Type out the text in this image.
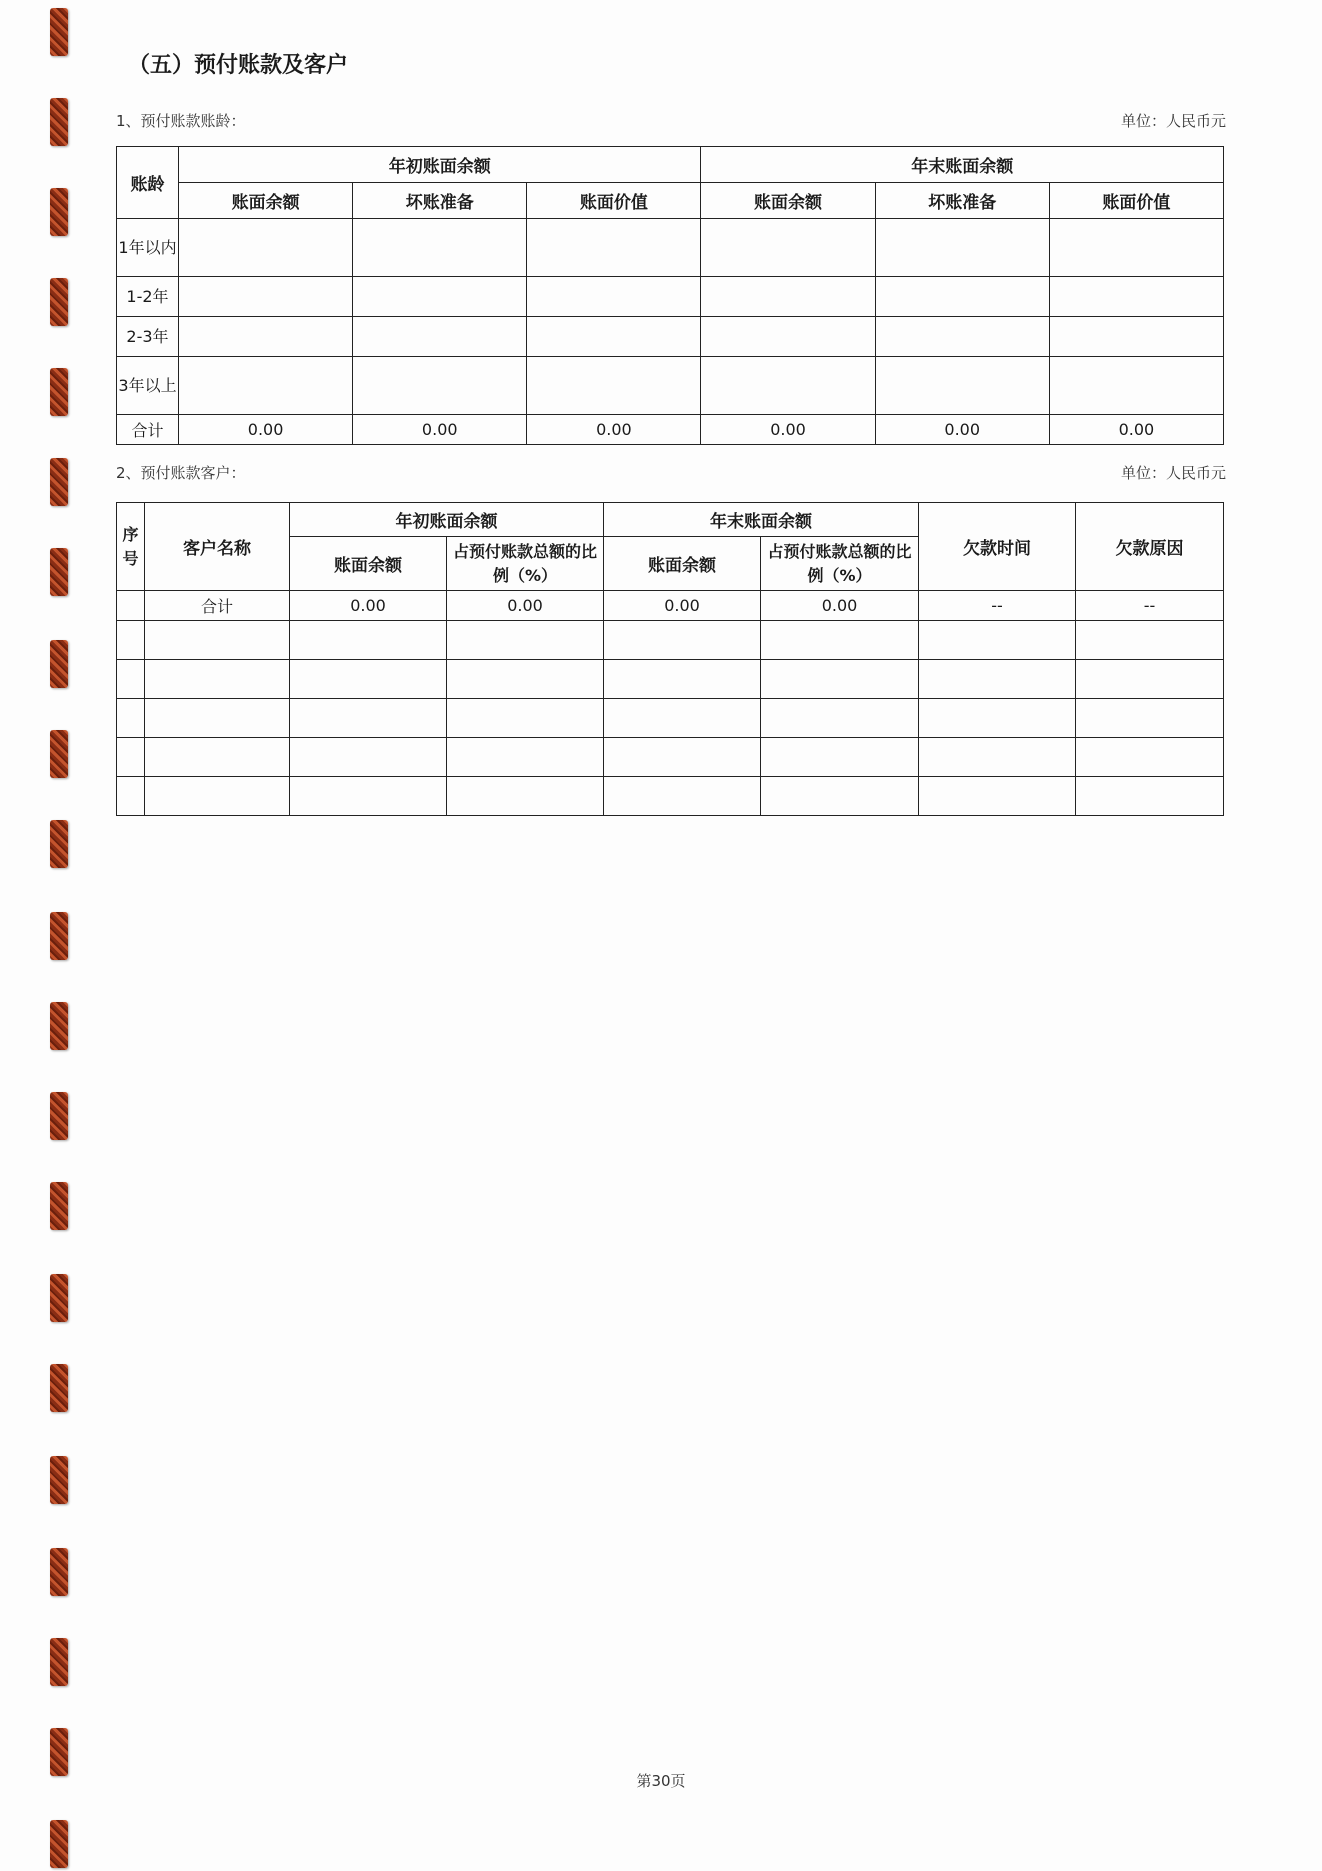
（五）预付账款及客户
1、预付账款账龄：	单位：人民币元
账龄	年初账面余额			年末账面余额		
	账面余额	坏账准备	账面价值	账面余额	坏账准备	账面价值
1年以内						
1-2年						
2-3年						
3年以上						
合计	0.00	0.00	0.00	0.00	0.00	0.00
2、预付账款客户：	单位：人民币元
序号	客户名称	年初账面余额		年末账面余额		欠款时间	欠款原因
		账面余额	占预付账款总额的比例（%）	账面余额	占预付账款总额的比例（%）		
	合计	0.00	0.00	0.00	0.00	--	--

第30页
